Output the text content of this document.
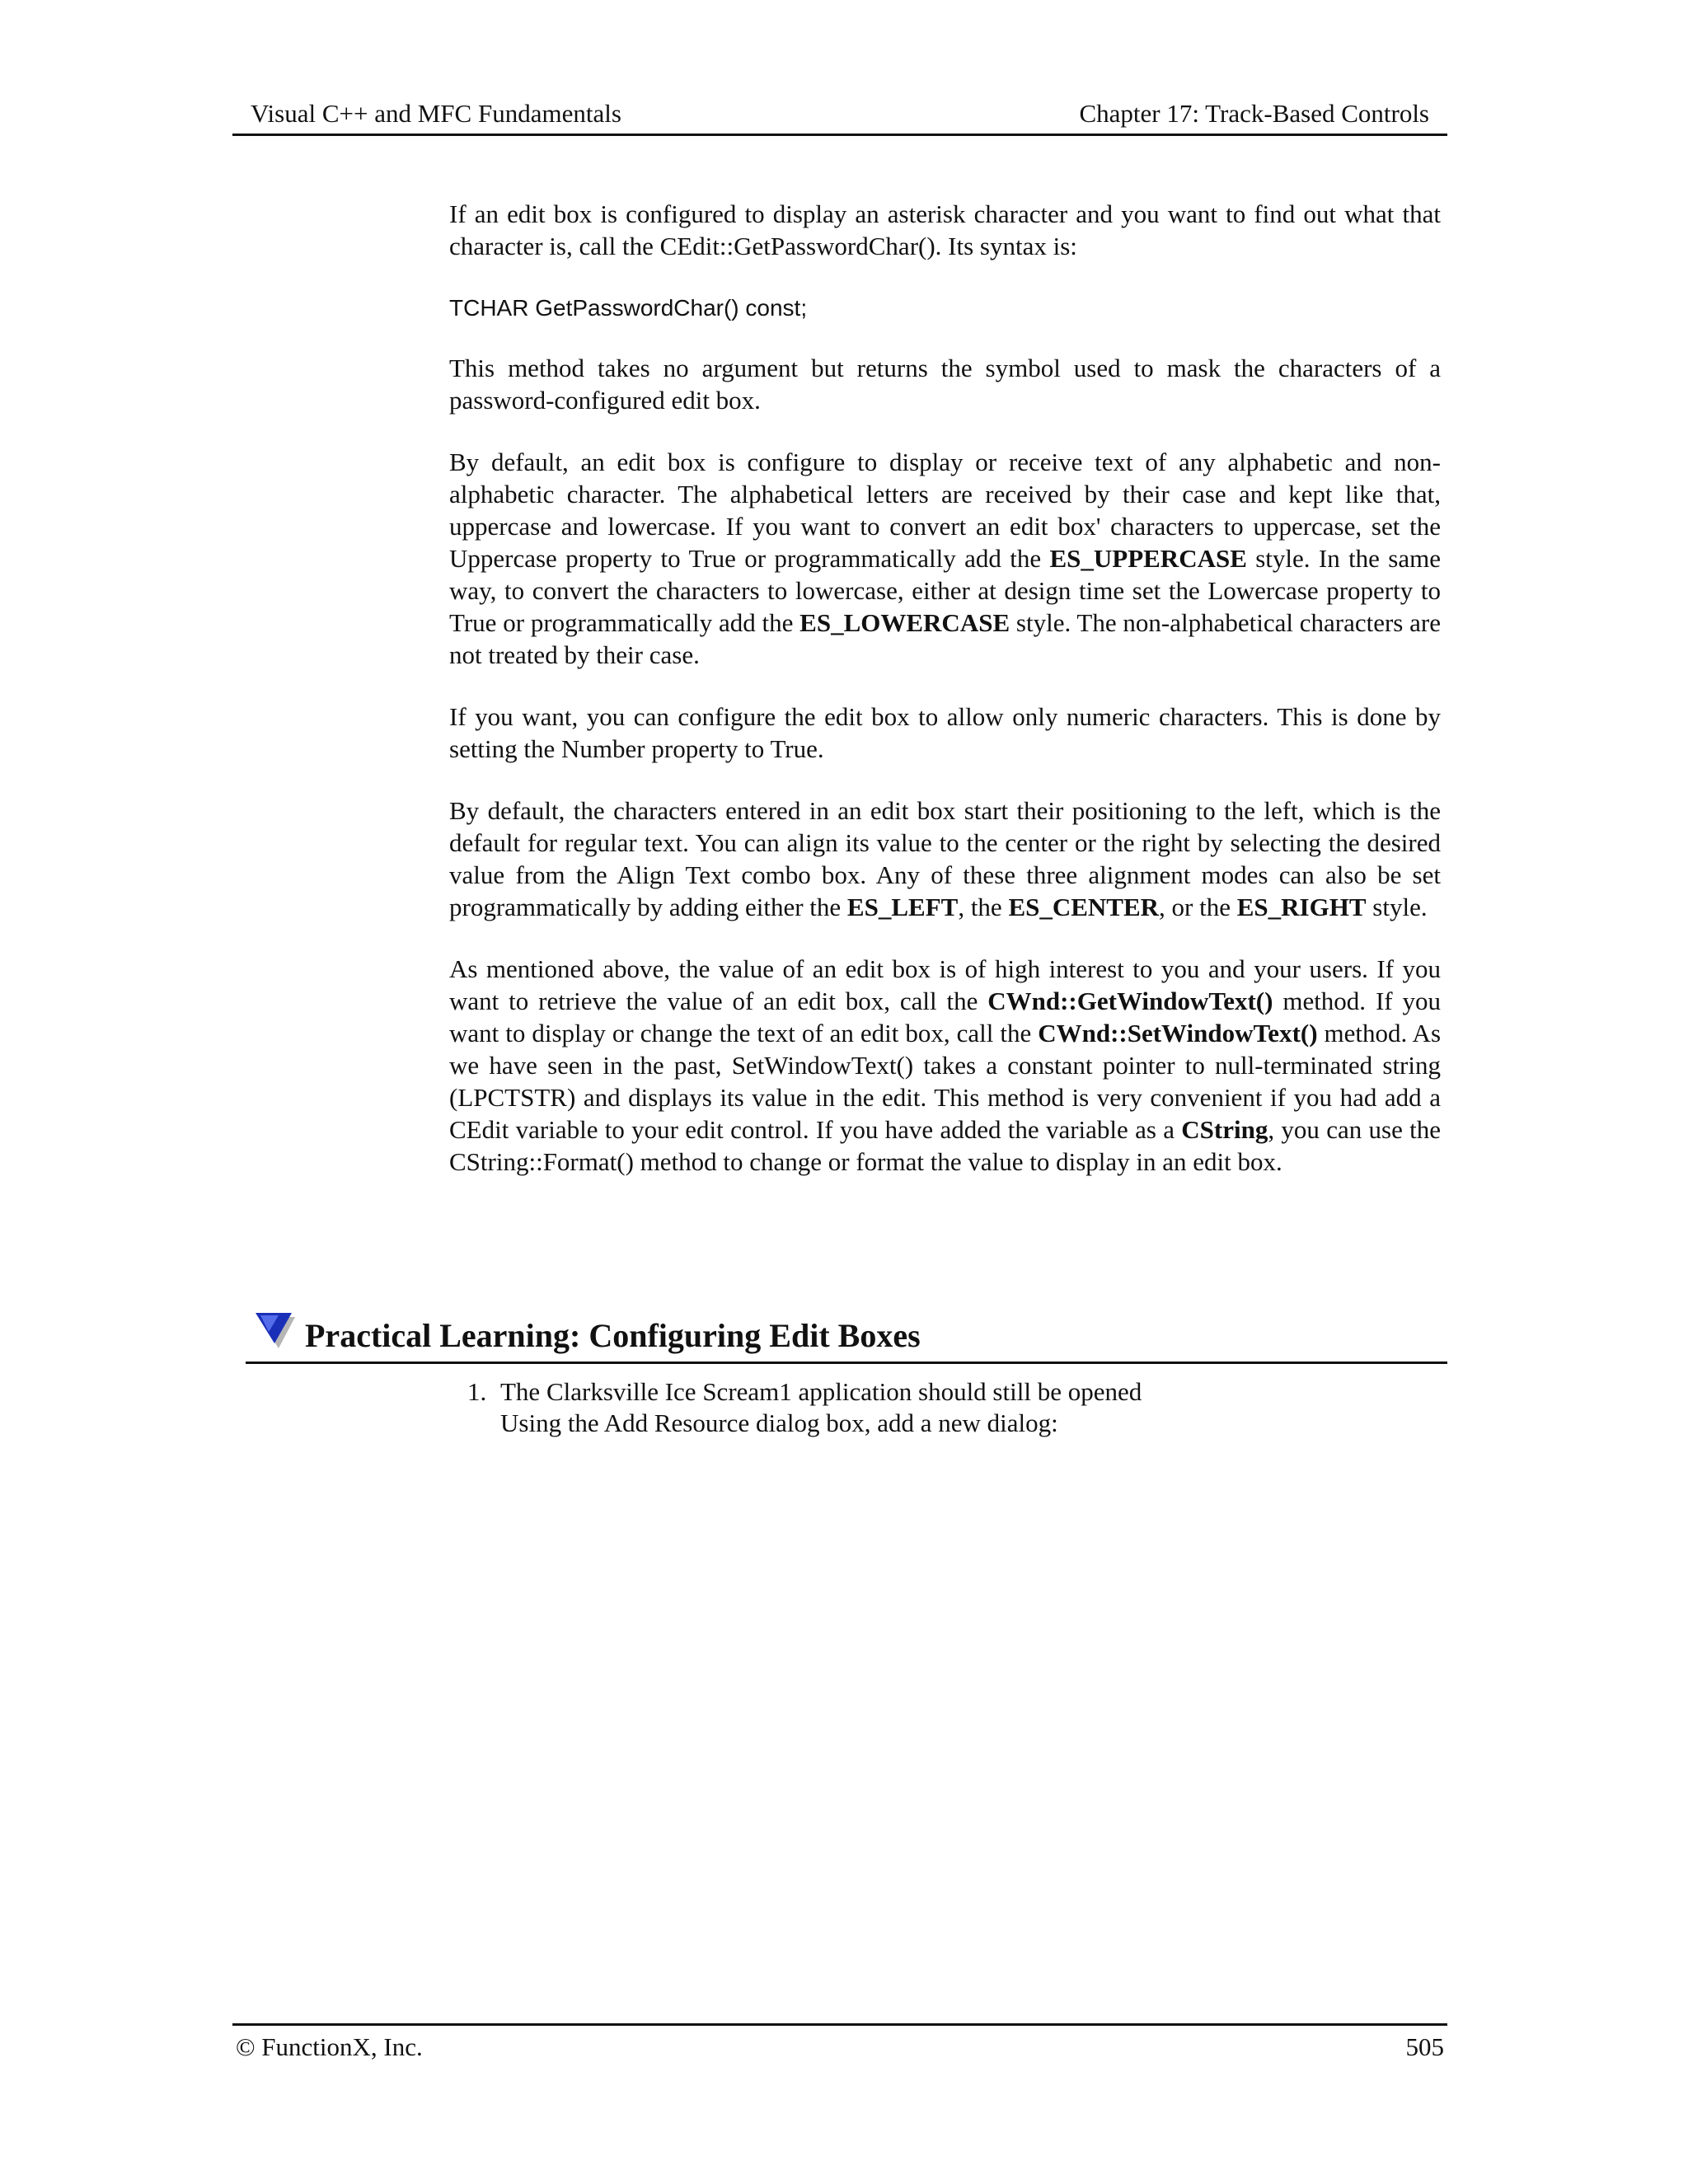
Visual C++ and MFC Fundamentals	Chapter 17: Track-Based Controls

If an edit box is configured to display an asterisk character and you want to find out what that character is, call the CEdit::GetPasswordChar(). Its syntax is:

TCHAR GetPasswordChar() const;

This method takes no argument but returns the symbol used to mask the characters of a password-configured edit box.

By default, an edit box is configure to display or receive text of any alphabetic and non-alphabetic character. The alphabetical letters are received by their case and kept like that, uppercase and lowercase. If you want to convert an edit box' characters to uppercase, set the Uppercase property to True or programmatically add the ES_UPPERCASE style. In the same way, to convert the characters to lowercase, either at design time set the Lowercase property to True or programmatically add the ES_LOWERCASE style. The non-alphabetical characters are not treated by their case.

If you want, you can configure the edit box to allow only numeric characters. This is done by setting the Number property to True.

By default, the characters entered in an edit box start their positioning to the left, which is the default for regular text. You can align its value to the center or the right by selecting the desired value from the Align Text combo box. Any of these three alignment modes can also be set programmatically by adding either the ES_LEFT, the ES_CENTER, or the ES_RIGHT style.

As mentioned above, the value of an edit box is of high interest to you and your users. If you want to retrieve the value of an edit box, call the CWnd::GetWindowText() method. If you want to display or change the text of an edit box, call the CWnd::SetWindowText() method. As we have seen in the past, SetWindowText() takes a constant pointer to null-terminated string (LPCTSTR) and displays its value in the edit. This method is very convenient if you had add a CEdit variable to your edit control. If you have added the variable as a CString, you can use the CString::Format() method to change or format the value to display in an edit box.

Practical Learning: Configuring Edit Boxes
1. The Clarksville Ice Scream1 application should still be opened
Using the Add Resource dialog box, add a new dialog:
© FunctionX, Inc.	505
